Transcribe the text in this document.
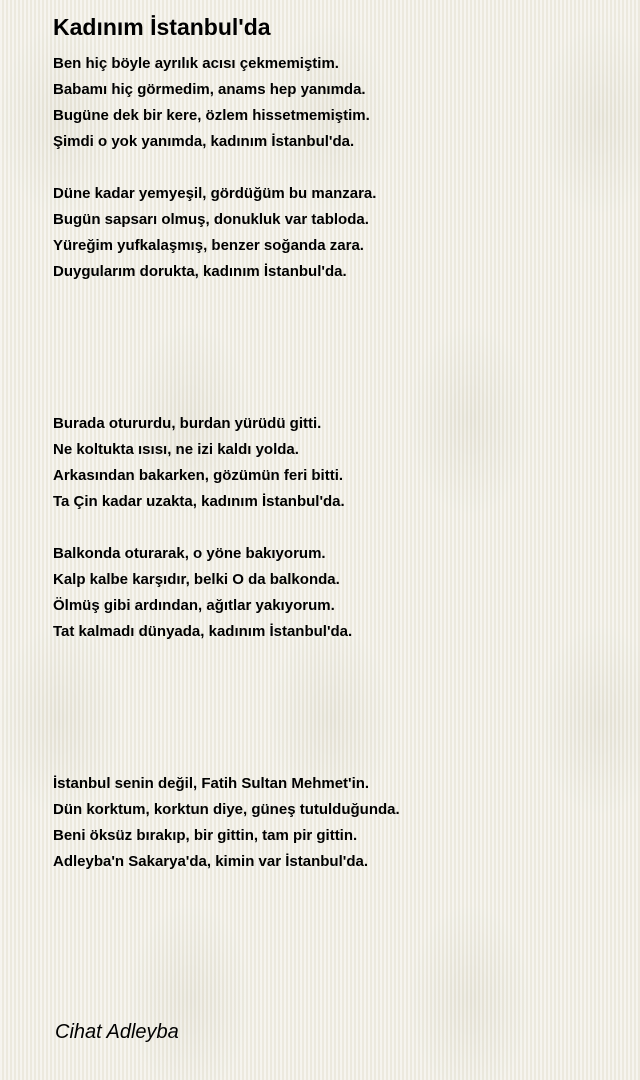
Kadınım İstanbul'da
Ben hiç böyle ayrılık acısı çekmemiştim.
Babamı hiç görmedim, anams hep yanımda.
Bugüne dek bir kere, özlem hissetmemiştim.
Şimdi o yok yanımda, kadınım İstanbul'da.
Düne kadar yemyeşil, gördüğüm bu manzara.
Bugün sapsarı olmuş, donukluk var tabloda.
Yüreğim yufkalaşmış, benzer soğanda zara.
Duygularım dorukta, kadınım İstanbul'da.
Burada otururdu, burdan yürüdü gitti.
Ne koltukta ısısı, ne izi kaldı yolda.
Arkasından bakarken, gözümün feri bitti.
Ta Çin kadar uzakta, kadınım İstanbul'da.
Balkonda oturarak, o yöne bakıyorum.
Kalp kalbe karşıdır, belki O da balkonda.
Ölmüş gibi ardından, ağıtlar yakıyorum.
Tat kalmadı dünyada, kadınım İstanbul'da.
İstanbul senin değil, Fatih Sultan Mehmet'in.
Dün korktum, korktun diye, güneş tutulduğunda.
Beni öksüz bırakıp, bir gittin, tam pir gittin.
Adleyba'n Sakarya'da, kimin var İstanbul'da.
Cihat Adleyba
